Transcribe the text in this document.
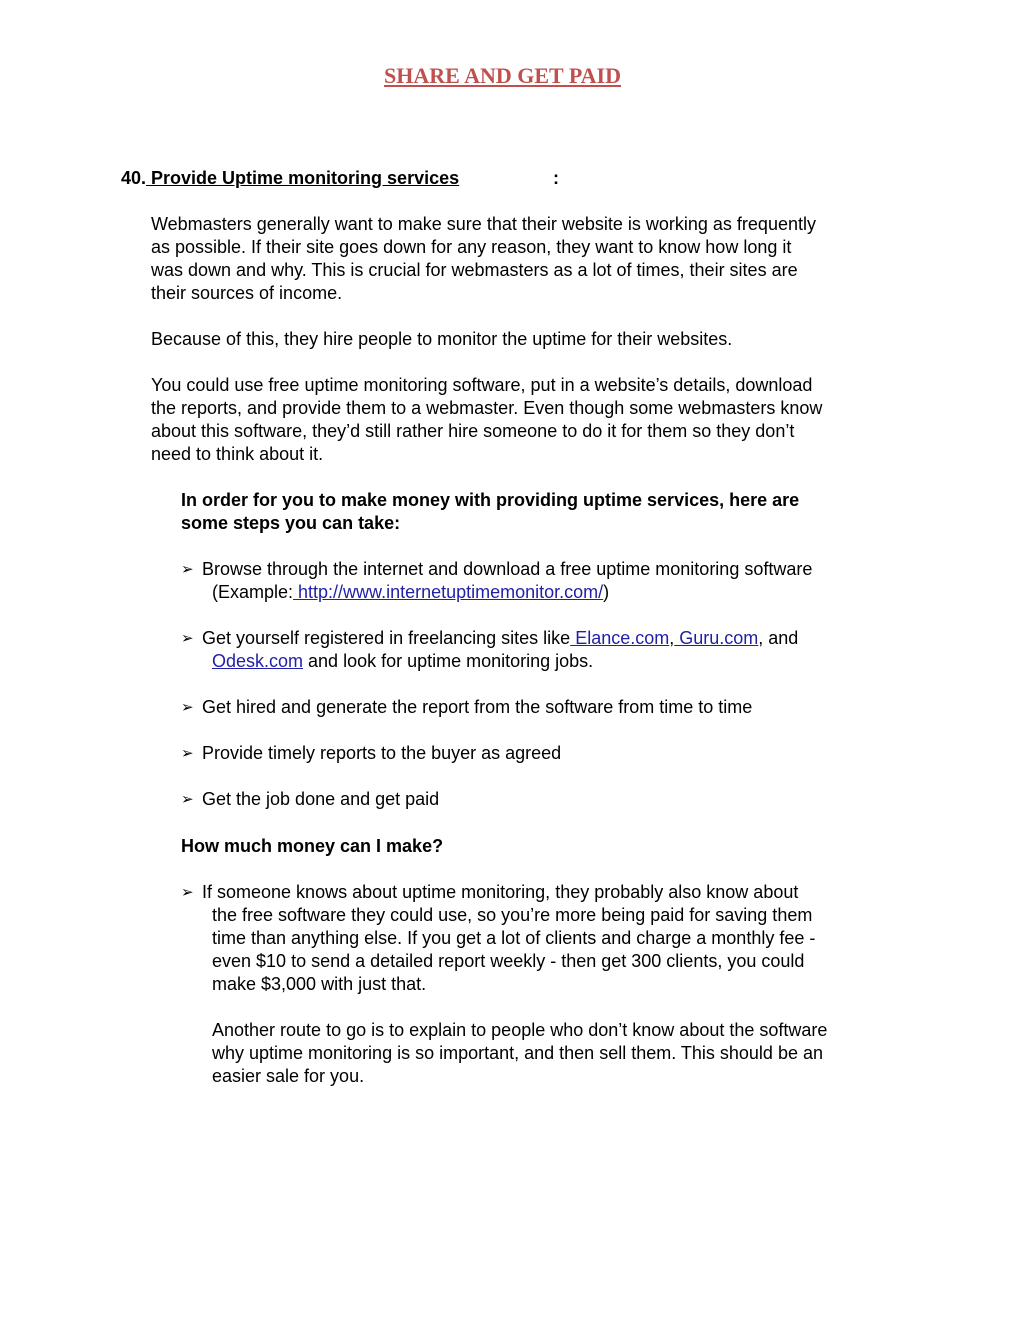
SHARE AND GET PAID
40. Provide Uptime monitoring services	:
Webmasters generally want to make sure that their website is working as frequently
as possible. If their site goes down for any reason, they want to know how long it
was down and why. This is crucial for webmasters as a lot of times, their sites are
their sources of income.
Because of this, they hire people to monitor the uptime for their websites.
You could use free uptime monitoring software, put in a website’s details, download
the reports, and provide them to a webmaster. Even though some webmasters know
about this software, they’d still rather hire someone to do it for them so they don’t
need to think about it.
In order for you to make money with providing uptime services, here are
some steps you can take:
➢ Browse through the internet and download a free uptime monitoring software
(Example: http://www.internetuptimemonitor.com/)
➢ Get yourself registered in freelancing sites like Elance.com, Guru.com, and
Odesk.com and look for uptime monitoring jobs.
➢ Get hired and generate the report from the software from time to time
➢ Provide timely reports to the buyer as agreed
➢ Get the job done and get paid
How much money can I make?
➢ If someone knows about uptime monitoring, they probably also know about
the free software they could use, so you’re more being paid for saving them
time than anything else. If you get a lot of clients and charge a monthly fee -
even $10 to send a detailed report weekly - then get 300 clients, you could
make $3,000 with just that.
Another route to go is to explain to people who don’t know about the software
why uptime monitoring is so important, and then sell them. This should be an
easier sale for you.
